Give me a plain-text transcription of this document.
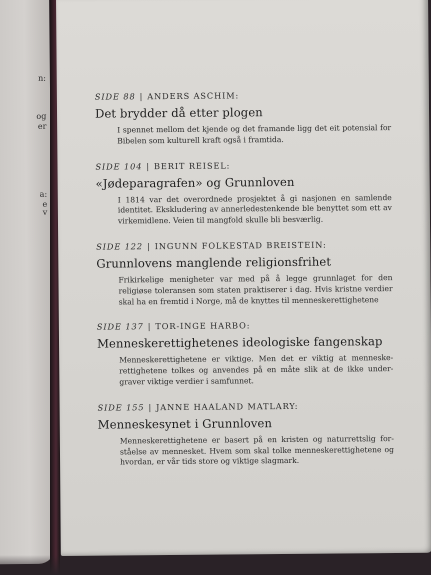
n:
og
er
a:
e
v
SIDE 88 | ANDERS ASCHIM:
Det brydder då etter plogen
I spennet mellom det kjende og det framande ligg det eit potensial for Bibelen som kulturell kraft også i framtida.
SIDE 104 | BERIT REISEL:
«Jødeparagrafen» og Grunnloven
I 1814 var det overordnede prosjektet å gi nasjonen en samlende identitet. Ekskludering av annerledestenkende ble benyttet som ett av virkemidlene. Veien til mangfold skulle bli besværlig.
SIDE 122 | INGUNN FOLKESTAD BREISTEIN:
Grunnlovens manglende religionsfrihet
Frikirkelige menigheter var med på å legge grunnlaget for den religiøse toleransen som staten praktiserer i dag. Hvis kristne verdier skal ha en fremtid i Norge, må de knyttes til menneskerettighetene
SIDE 137 | TOR-INGE HARBO:
Menneskerettighetenes ideologiske fangenskap
Menneskerettighetene er viktige. Men det er viktig at menneskerettighetene tolkes og anvendes på en måte slik at de ikke undergraver viktige verdier i samfunnet.
SIDE 155 | JANNE HAALAND MATLARY:
Menneskesynet i Grunnloven
Menneskerettighetene er basert på en kristen og naturrettslig forståelse av mennesket. Hvem som skal tolke menneskerettighetene og hvordan, er vår tids store og viktige slagmark.
